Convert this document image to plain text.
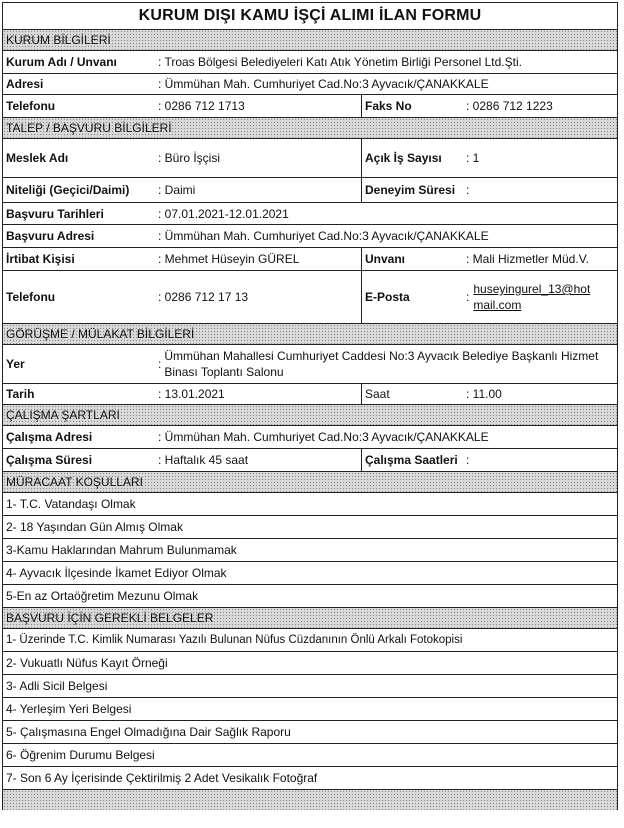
KURUM DIŞI KAMU İŞÇİ ALIMI İLAN FORMU
KURUM BİLGİLERİ
Kurum Adı / Unvanı	: Troas Bölgesi Belediyeleri Katı Atık Yönetim Birliği Personel Ltd.Şti.
Adresi	: Ümmühan Mah. Cumhuriyet Cad.No:3 Ayvacık/ÇANAKKALE
Telefonu	: 0286 712 1713	Faks No	: 0286 712 1223
TALEP / BAŞVURU BİLGİLERİ
Meslek Adı	: Büro İşçisi	Açık İş Sayısı	: 1
Niteliği (Geçici/Daimi)	: Daimi	Deneyim Süresi :
Başvuru Tarihleri	: 07.01.2021-12.01.2021
Başvuru Adresi	: Ümmühan Mah. Cumhuriyet Cad.No:3 Ayvacık/ÇANAKKALE
İrtibat Kişisi	: Mehmet Hüseyin GÜREL	Unvanı	: Mali Hizmetler Müd.V.
Telefonu	: 0286 712 17 13	E-Posta	:
huseyingurel_13@hot
mail.com
GÖRÜŞME / MÜLAKAT BİLGİLERİ
Yer	:
Ümmühan Mahallesi Cumhuriyet Caddesi No:3 Ayvacık Belediye Başkanlı Hizmet
Binası Toplantı Salonu
Tarih	: 13.01.2021	Saat	: 11.00
ÇALIŞMA ŞARTLARI
Çalışma Adresi	: Ümmühan Mah. Cumhuriyet Cad.No:3 Ayvacık/ÇANAKKALE
Çalışma Süresi	: Haftalık 45 saat	Çalışma Saatleri :
MÜRACAAT KOŞULLARI
1- T.C. Vatandaşı Olmak
2- 18 Yaşından Gün Almış Olmak
3-Kamu Haklarından Mahrum Bulunmamak
4- Ayvacık İlçesinde İkamet Ediyor Olmak
5-En az Ortaöğretim Mezunu Olmak
BAŞVURU İÇİN GEREKLİ BELGELER
1- Üzerinde T.C. Kimlik Numarası Yazılı Bulunan Nüfus Cüzdanının Önlü Arkalı Fotokopisi
2- Vukuatlı Nüfus Kayıt Örneği
3- Adli Sicil Belgesi
4- Yerleşim Yeri Belgesi
5- Çalışmasına Engel Olmadığına Dair Sağlık Raporu
6- Öğrenim Durumu Belgesi
7- Son 6 Ay İçerisinde Çektirilmiş 2 Adet Vesikalık Fotoğraf
